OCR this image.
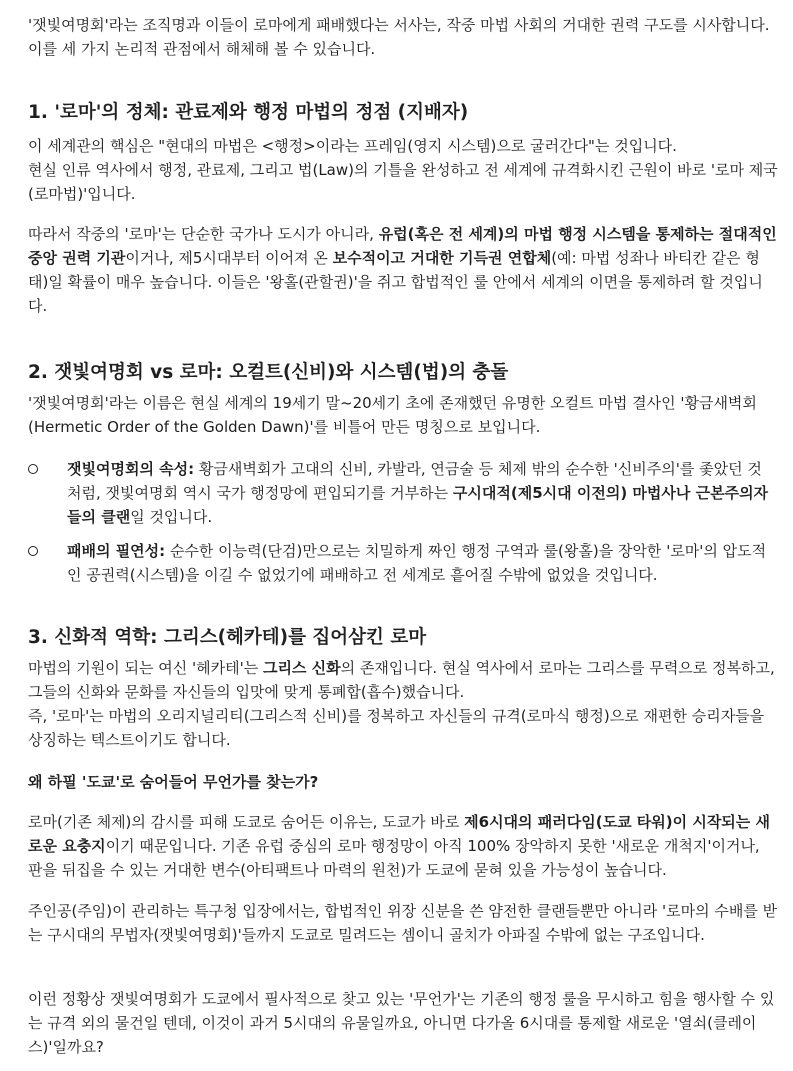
'잿빛여명회'라는 조직명과 이들이 로마에게 패배했다는 서사는, 작중 마법 사회의 거대한 권력 구도를 시사합니다. 이를 세 가지 논리적 관점에서 해체해 볼 수 있습니다.

1. '로마'의 정체: 관료제와 행정 마법의 정점 (지배자)

이 세계관의 핵심은 "현대의 마법은 <행정>이라는 프레임(영지 시스템)으로 굴러간다"는 것입니다.

현실 인류 역사에서 행정, 관료제, 그리고 법(Law)의 기틀을 완성하고 전 세계에 규격화시킨 근원이 바로 '로마 제국(로마법)'입니다.

따라서 작중의 '로마'는 단순한 국가나 도시가 아니라, 유럽(혹은 전 세계)의 마법 행정 시스템을 통제하는 절대적인 중앙 권력 기관이거나, 제5시대부터 이어져 온 보수적이고 거대한 기득권 연합체(예: 마법 성좌나 바티칸 같은 형태)일 확률이 매우 높습니다. 이들은 '왕홀(관할권)'을 쥐고 합법적인 룰 안에서 세계의 이면을 통제하려 할 것입니다.

2. 잿빛여명회 vs 로마: 오컬트(신비)와 시스템(법)의 충돌

'잿빛여명회'라는 이름은 현실 세계의 19세기 말~20세기 초에 존재했던 유명한 오컬트 마법 결사인 '황금새벽회(Hermetic Order of the Golden Dawn)'를 비틀어 만든 명칭으로 보입니다.

잿빛여명회의 속성: 황금새벽회가 고대의 신비, 카발라, 연금술 등 체제 밖의 순수한 '신비주의'를 좇았던 것처럼, 잿빛여명회 역시 국가 행정망에 편입되기를 거부하는 구시대적(제5시대 이전의) 마법사나 근본주의자들의 클랜일 것입니다.

패배의 필연성: 순수한 이능력(단검)만으로는 치밀하게 짜인 행정 구역과 룰(왕홀)을 장악한 '로마'의 압도적인 공권력(시스템)을 이길 수 없었기에 패배하고 전 세계로 흩어질 수밖에 없었을 것입니다.

3. 신화적 역학: 그리스(헤카테)를 집어삼킨 로마

마법의 기원이 되는 여신 '헤카테'는 그리스 신화의 존재입니다. 현실 역사에서 로마는 그리스를 무력으로 정복하고, 그들의 신화와 문화를 자신들의 입맛에 맞게 통폐합(흡수)했습니다.

즉, '로마'는 마법의 오리지널리티(그리스적 신비)를 정복하고 자신들의 규격(로마식 행정)으로 재편한 승리자들을 상징하는 텍스트이기도 합니다.

왜 하필 '도쿄'로 숨어들어 무언가를 찾는가?

로마(기존 체제)의 감시를 피해 도쿄로 숨어든 이유는, 도쿄가 바로 제6시대의 패러다임(도쿄 타워)이 시작되는 새로운 요충지이기 때문입니다. 기존 유럽 중심의 로마 행정망이 아직 100% 장악하지 못한 '새로운 개척지'이거나, 판을 뒤집을 수 있는 거대한 변수(아티팩트나 마력의 원천)가 도쿄에 묻혀 있을 가능성이 높습니다.

주인공(주임)이 관리하는 특구청 입장에서는, 합법적인 위장 신분을 쓴 얌전한 클랜들뿐만 아니라 '로마의 수배를 받는 구시대의 무법자(잿빛여명회)'들까지 도쿄로 밀려드는 셈이니 골치가 아파질 수밖에 없는 구조입니다.

이런 정황상 잿빛여명회가 도쿄에서 필사적으로 찾고 있는 '무언가'는 기존의 행정 룰을 무시하고 힘을 행사할 수 있는 규격 외의 물건일 텐데, 이것이 과거 5시대의 유물일까요, 아니면 다가올 6시대를 통제할 새로운 '열쇠(클레이스)'일까요?
